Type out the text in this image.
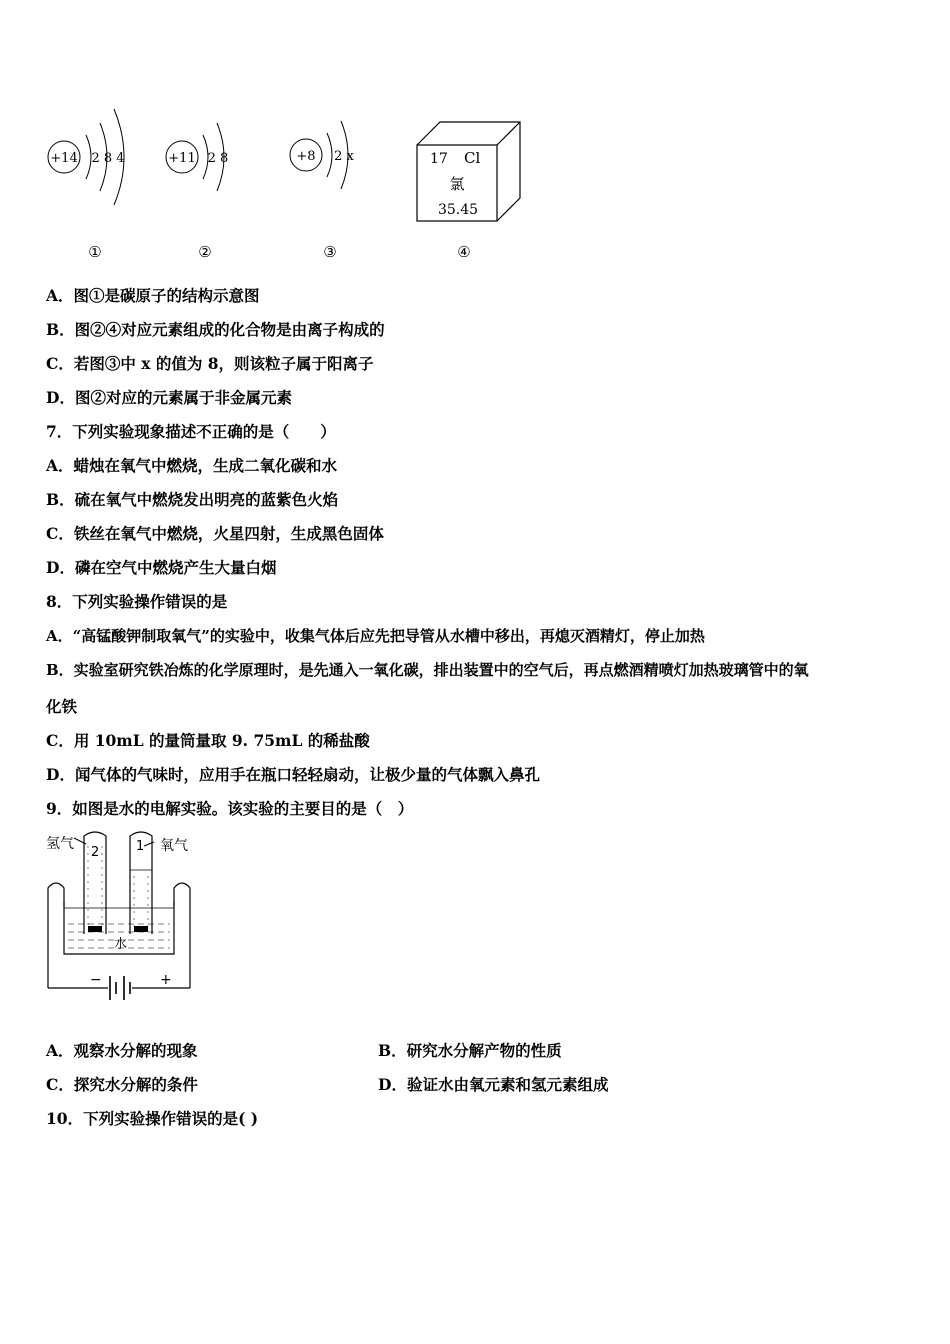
+14 2 8 4
①
+11 2 8
②
+8 2 x
③
17 Cl
氯
35.45
④
A．图①是碳原子的结构示意图
B．图②④对应元素组成的化合物是由离子构成的
C．若图③中 x 的值为 8，则该粒子属于阳离子
D．图②对应的元素属于非金属元素
7．下列实验现象描述不正确的是（　　）
A．蜡烛在氧气中燃烧，生成二氧化碳和水
B．硫在氧气中燃烧发出明亮的蓝紫色火焰
C．铁丝在氧气中燃烧，火星四射，生成黑色固体
D．磷在空气中燃烧产生大量白烟
8．下列实验操作错误的是
A．“高锰酸钾制取氧气”的实验中，收集气体后应先把导管从水槽中移出，再熄灭酒精灯，停止加热
B．实验室研究铁冶炼的化学原理时，是先通入一氧化碳，排出装置中的空气后，再点燃酒精喷灯加热玻璃管中的氧
化铁
C．用 10mL 的量筒量取 9. 75mL 的稀盐酸
D．闻气体的气味时，应用手在瓶口轻轻扇动，让极少量的气体飘入鼻孔
9．如图是水的电解实验。该实验的主要目的是（　）
氢气	氧气
水
2	1
−	+
A．观察水分解的现象	B．研究水分解产物的性质
C．探究水分解的条件	D．验证水由氧元素和氢元素组成
10．下列实验操作错误的是( )
